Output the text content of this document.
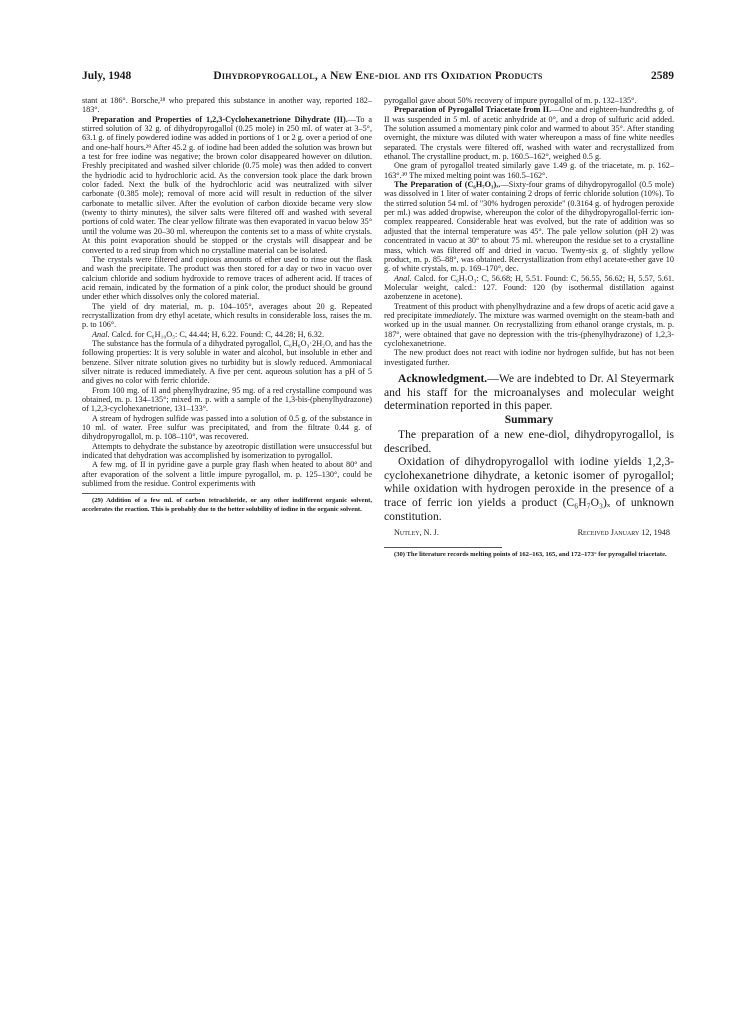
July, 1948	Dihydropyrogallol, a New Ene-diol and its Oxidation Products	2589

stant at 186°. Borsche,²⁸ who prepared this substance in another way, reported 182–183°.

Preparation and Properties of 1,2,3-Cyclohexanetrione Dihydrate (II).—To a stirred solution of 32 g. of dihydropyrogallol (0.25 mole) in 250 ml. of water at 3–5°, 63.1 g. of finely powdered iodine was added in portions of 1 or 2 g. over a period of one and one-half hours.²⁹ After 45.2 g. of iodine had been added the solution was brown but a test for free iodine was negative; the brown color disappeared however on dilution. Freshly precipitated and washed silver chloride (0.75 mole) was then added to convert the hydriodic acid to hydrochloric acid. As the conversion took place the dark brown color faded. Next the bulk of the hydrochloric acid was neutralized with silver carbonate (0.385 mole); removal of more acid will result in reduction of the silver carbonate to metallic silver. After the evolution of carbon dioxide became very slow (twenty to thirty minutes), the silver salts were filtered off and washed with several portions of cold water. The clear yellow filtrate was then evaporated in vacuo below 35° until the volume was 20–30 ml. whereupon the contents set to a mass of white crystals. At this point evaporation should be stopped or the crystals will disappear and be converted to a red sirup from which no crystalline material can be isolated.

The crystals were filtered and copious amounts of ether used to rinse out the flask and wash the precipitate. The product was then stored for a day or two in vacuo over calcium chloride and sodium hydroxide to remove traces of adherent acid. If traces of acid remain, indicated by the formation of a pink color, the product should be ground under ether which dissolves only the colored material.

The yield of dry material, m. p. 104–105°, averages about 20 g. Repeated recrystallization from dry ethyl acetate, which results in considerable loss, raises the m. p. to 106°.

Anal. Calcd. for C₆H₁₀O₅: C, 44.44; H, 6.22. Found: C, 44.28; H, 6.32.

The substance has the formula of a dihydrated pyrogallol, C₆H₆O₃·2H₂O, and has the following properties: It is very soluble in water and alcohol, but insoluble in ether and benzene. Silver nitrate solution gives no turbidity but is slowly reduced. Ammoniacal silver nitrate is reduced immediately. A five per cent. aqueous solution has a pH of 5 and gives no color with ferric chloride.

From 100 mg. of II and phenylhydrazine, 95 mg. of a red crystalline compound was obtained, m. p. 134–135°; mixed m. p. with a sample of the 1,3-bis-(phenylhydrazone) of 1,2,3-cyclohexanetrione, 131–133°.

A stream of hydrogen sulfide was passed into a solution of 0.5 g. of the substance in 10 ml. of water. Free sulfur was precipitated, and from the filtrate 0.44 g. of dihydropyrogallol, m. p. 108–110°, was recovered.

Attempts to dehydrate the substance by azeotropic distillation were unsuccessful but indicated that dehydration was accomplished by isomerization to pyrogallol.

A few mg. of II in pyridine gave a purple gray flash when heated to about 80° and after evaporation of the solvent a little impure pyrogallol, m. p. 125–130°, could be sublimed from the residue. Control experiments with

(29) Addition of a few ml. of carbon tetrachloride, or any other indifferent organic solvent, accelerates the reaction. This is probably due to the better solubility of iodine in the organic solvent.

pyrogallol gave about 50% recovery of impure pyrogallol of m. p. 132–135°.

Preparation of Pyrogallol Triacetate from II.—One and eighteen-hundredths g. of II was suspended in 5 ml. of acetic anhydride at 0°, and a drop of sulfuric acid added. The solution assumed a momentary pink color and warmed to about 35°. After standing overnight, the mixture was diluted with water whereupon a mass of fine white needles separated. The crystals were filtered off, washed with water and recrystallized from ethanol. The crystalline product, m. p. 160.5–162°, weighed 0.5 g.

One gram of pyrogallol treated similarly gave 1.49 g. of the triacetate, m. p. 162–163°.³⁰ The mixed melting point was 160.5–162°.

The Preparation of (C₆H₇O₃)ₓ.—Sixty-four grams of dihydropyrogallol (0.5 mole) was dissolved in 1 liter of water containing 2 drops of ferric chloride solution (10%). To the stirred solution 54 ml. of "30% hydrogen peroxide" (0.3164 g. of hydrogen peroxide per ml.) was added dropwise, whereupon the color of the dihydropyrogallol-ferric ion-complex reappeared. Considerable heat was evolved, but the rate of addition was so adjusted that the internal temperature was 45°. The pale yellow solution (pH 2) was concentrated in vacuo at 30° to about 75 ml. whereupon the residue set to a crystalline mass, which was filtered off and dried in vacuo. Twenty-six g. of slightly yellow product, m. p. 85–88°, was obtained. Recrystallization from ethyl acetate-ether gave 10 g. of white crystals, m. p. 169–170°, dec.

Anal. Calcd. for C₆H₇O₃: C, 56.68; H, 5.51. Found: C, 56.55, 56.62; H, 5.57, 5.61. Molecular weight, calcd.: 127. Found: 120 (by isothermal distillation against azobenzene in acetone).

Treatment of this product with phenylhydrazine and a few drops of acetic acid gave a red precipitate immediately. The mixture was warmed overnight on the steam-bath and worked up in the usual manner. On recrystallizing from ethanol orange crystals, m. p. 187°, were obtained that gave no depression with the tris-(phenylhydrazone) of 1,2,3-cyclohexanetrione.

The new product does not react with iodine nor hydrogen sulfide, but has not been investigated further.

Acknowledgment.—We are indebted to Dr. Al Steyermark and his staff for the microanalyses and molecular weight determination reported in this paper.

Summary

The preparation of a new ene-diol, dihydropyrogallol, is described.

Oxidation of dihydropyrogallol with iodine yields 1,2,3-cyclohexanetrione dihydrate, a ketonic isomer of pyrogallol; while oxidation with hydrogen peroxide in the presence of a trace of ferric ion yields a product (C₆H₇O₃)ₓ of unknown constitution.

Nutley, N. J.	Received January 12, 1948

(30) The literature records melting points of 162–163, 165, and 172–173° for pyrogallol triacetate.
